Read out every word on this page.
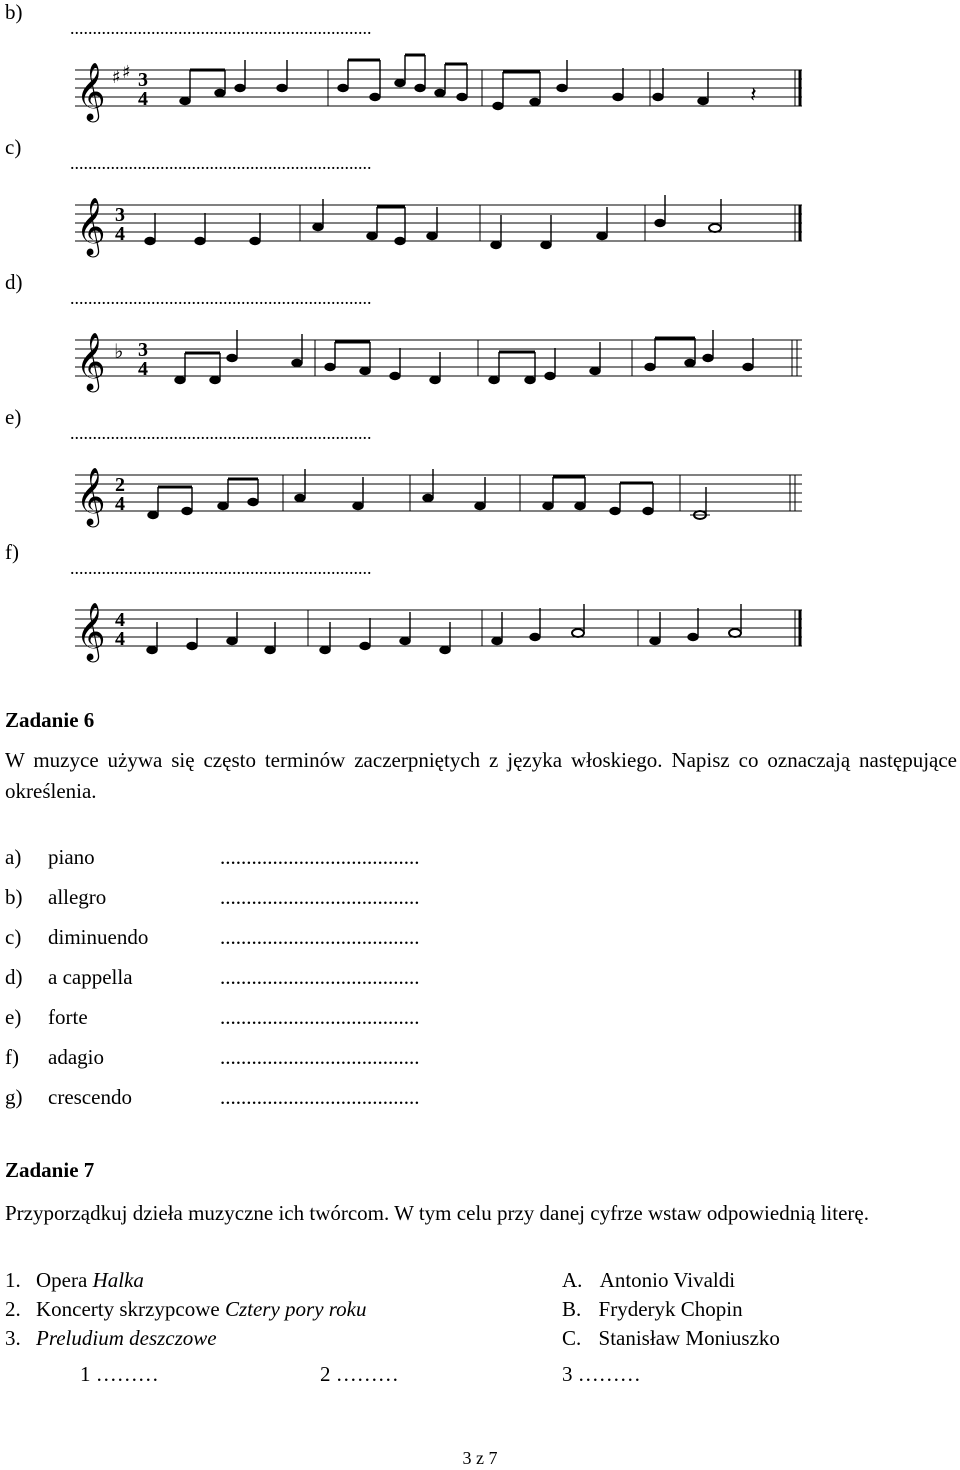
b)
...................................................................
c)
...................................................................
d)
...................................................................
e)
...................................................................
f)
...................................................................
𝄞 ♯ ♯ 3
4	𝄽
𝄞 3
4
𝄞 ♭ 3
4
𝄞 2
4
𝄞 4
4
Zadanie 6
W muzyce używa się często terminów zaczerpniętych z języka włoskiego. Napisz co oznaczają następujące określenia.
a) piano	......................................
b) allegro	......................................
c) diminuendo	......................................
d) a cappella	......................................
e) forte	......................................
f) adagio	......................................
g) crescendo	......................................
Zadanie 7
Przyporządkuj dzieła muzyczne ich twórcom. W tym celu przy danej cyfrze wstaw odpowiednią literę.
1. Opera Halka
2. Koncerty skrzypcowe Cztery pory roku
3. Preludium deszczowe
A. Antonio Vivaldi
B. Fryderyk Chopin
C. Stanisław Moniuszko
1 ………	2 ………	3 ………
3 z 7
